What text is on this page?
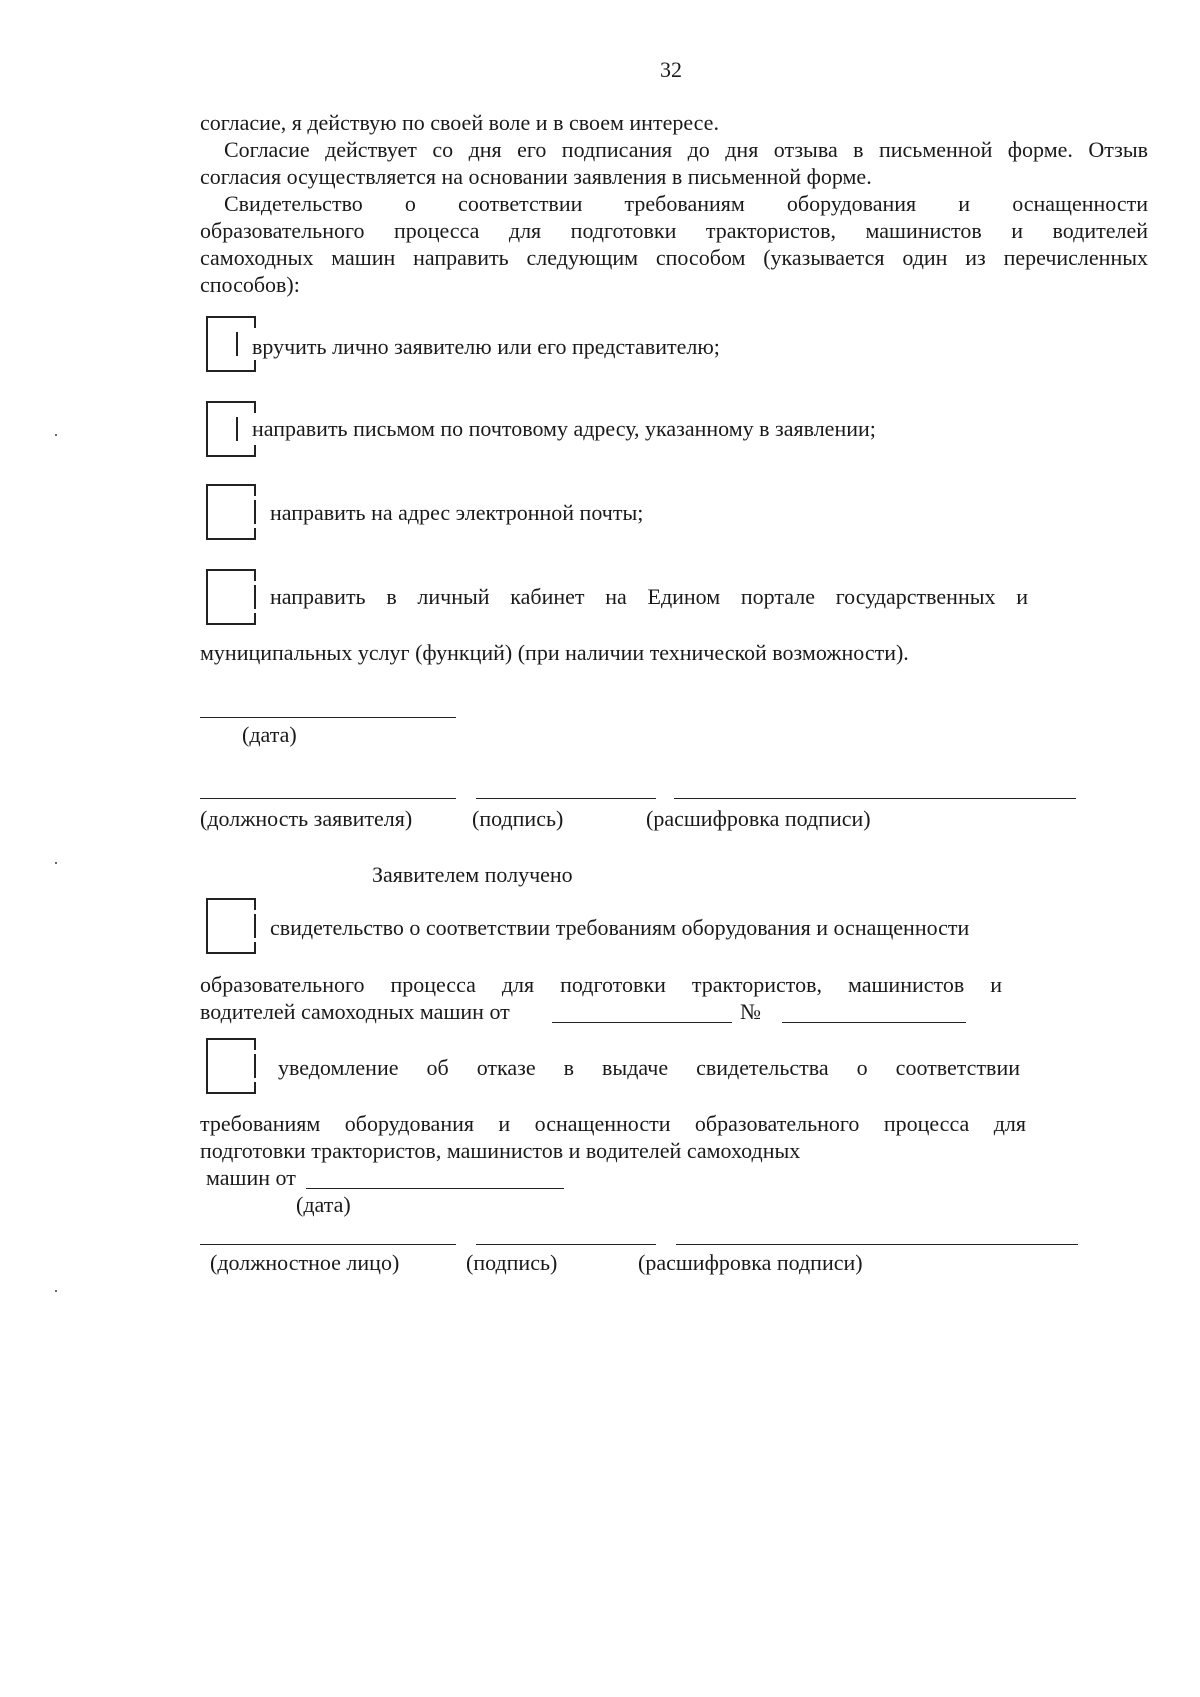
32
согласие, я действую по своей воле и в своем интересе.
Согласие действует со дня его подписания до дня отзыва в письменной форме. Отзыв
согласия осуществляется на основании заявления в письменной форме.
Свидетельство о соответствии требованиям оборудования и оснащенности
образовательного процесса для подготовки трактористов, машинистов и водителей
самоходных машин направить следующим способом (указывается один из перечисленных
способов):
вручить лично заявителю или его представителю;
направить письмом по почтовому адресу, указанному в заявлении;
направить на адрес электронной почты;
направить в личный кабинет на Едином портале государственных и
муниципальных услуг (функций) (при наличии технической возможности).
(дата)
(должность заявителя)	(подпись)	(расшифровка подписи)
Заявителем получено
свидетельство о соответствии требованиям оборудования и оснащенности
образовательного процесса для подготовки трактористов, машинистов и
водителей самоходных машин от	№
уведомление об отказе в выдаче свидетельства о соответствии
требованиям оборудования и оснащенности образовательного процесса для
подготовки трактористов, машинистов и водителей самоходных
машин от
(дата)
(должностное лицо)	(подпись)	(расшифровка подписи)
